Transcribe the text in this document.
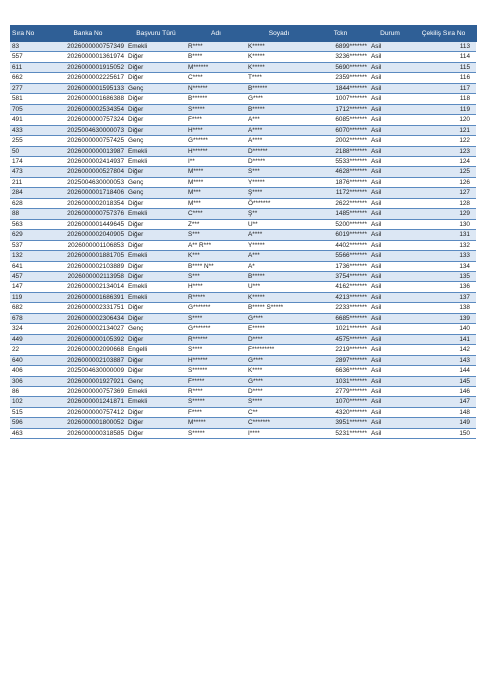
Sıra No	Banka No	Başvuru Türü	Adı	Soyadı	Tckn	Durum	Çekiliş Sıra No
83	2026000000757349	Emekli	R****	K*****	6899*******	Asil	113
557	2026000001361974	Diğer	B****	K*****	3236*******	Asil	114
611	2026000001915052	Diğer	M******	K*****	5690*******	Asil	115
662	2026000002225617	Diğer	C****	T****	2359*******	Asil	116
277	2026000001595133	Genç	N******	B******	1844*******	Asil	117
581	2026000001686388	Diğer	B******	G****	1007*******	Asil	118
705	2026000002534354	Diğer	S*****	B*****	1712*******	Asil	119
491	2026000000757324	Diğer	F****	A***	6085*******	Asil	120
433	2025004630000073	Diğer	H****	A****	6070*******	Asil	121
255	2026000000757425	Genç	G******	A****	2002*******	Asil	122
50	2026000000013987	Emekli	H******	D******	2188*******	Asil	123
174	2026000002414937	Emekli	I**	D*****	5533*******	Asil	124
473	2026000000527804	Diğer	M****	S***	4628*******	Asil	125
211	2025004630000053	Genç	M****	Y*****	1876*******	Asil	126
284	2026000001718406	Genç	M***	Ş****	1172*******	Asil	127
628	2026000002018354	Diğer	M***	Ö*******	2622*******	Asil	128
88	2026000000757376	Emekli	C****	Ş**	1485*******	Asil	129
563	2026000001449645	Diğer	Z***	U**	5200*******	Asil	130
629	2026000002040905	Diğer	S***	A****	6019*******	Asil	131
537	2026000001106853	Diğer	A** R***	Y*****	4402*******	Asil	132
132	2026000001881705	Emekli	K***	A***	5566*******	Asil	133
641	2026000002103889	Diğer	B**** N**	A*	1736*******	Asil	134
457	2026000002113958	Diğer	S***	B*****	3754*******	Asil	135
147	2026000002134014	Emekli	H****	U***	4162*******	Asil	136
119	2026000001686391	Emekli	R*****	K*****	4213*******	Asil	137
682	2026000002331751	Diğer	G*******	B***** S*****	2233*******	Asil	138
678	2026000002306434	Diğer	S****	G****	6685*******	Asil	139
324	2026000002134027	Genç	G*******	E*****	1021*******	Asil	140
449	2026000000105392	Diğer	R******	D****	4575*******	Asil	141
22	2026000002090668	Engelli	S****	F*********	2219*******	Asil	142
640	2026000002103887	Diğer	H******	G****	2897*******	Asil	143
406	2025004630000009	Diğer	S******	K****	6636*******	Asil	144
306	2026000001927921	Genç	F*****	G****	1031*******	Asil	145
86	2026000000757369	Emekli	R****	D****	2779*******	Asil	146
102	2026000001241871	Emekli	S*****	S****	1070*******	Asil	147
515	2026000000757412	Diğer	F****	C**	4320*******	Asil	148
596	2026000001800052	Diğer	M*****	C*******	3951*******	Asil	149
463	2026000000318585	Diğer	S*****	I****	5231*******	Asil	150
